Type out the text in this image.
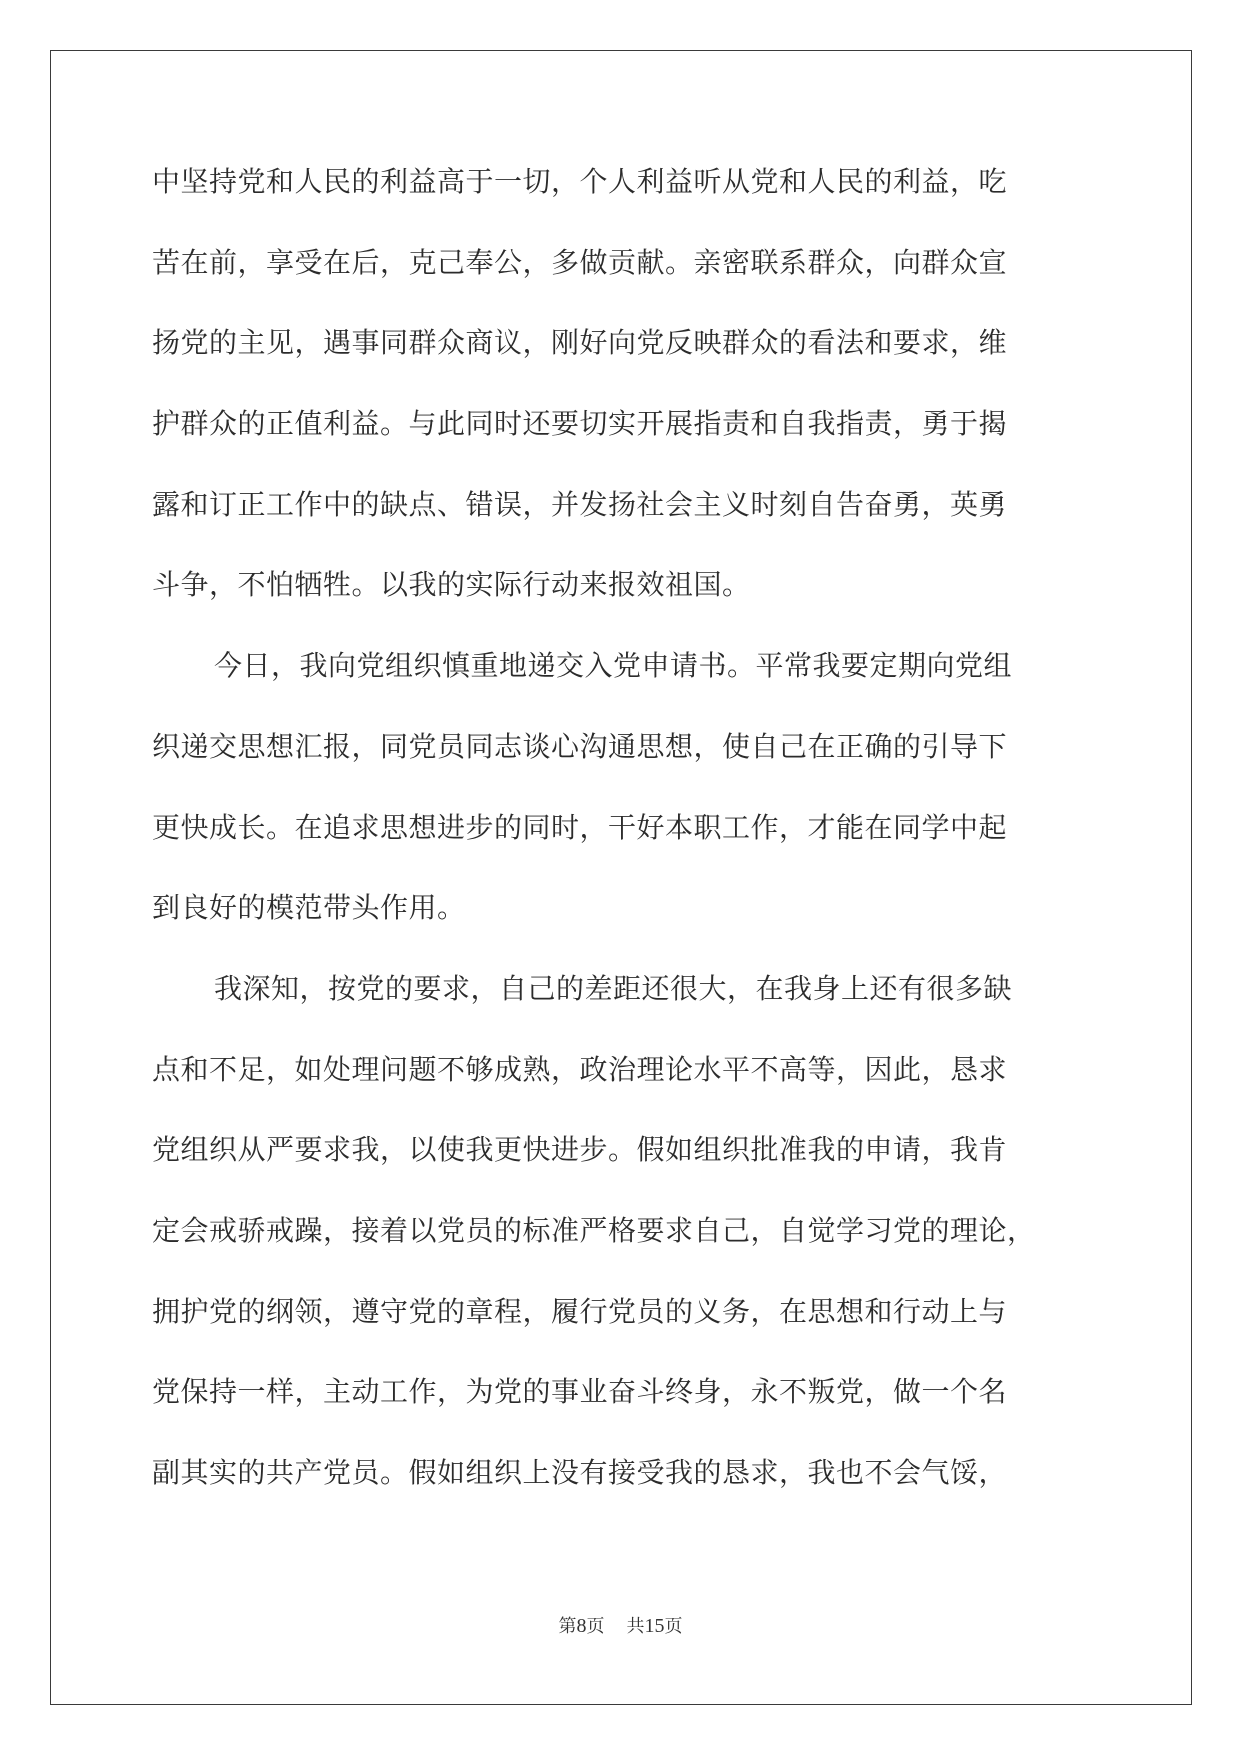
中坚持党和人民的利益高于一切，个人利益听从党和人民的利益，吃
苦在前，享受在后，克己奉公，多做贡献。亲密联系群众，向群众宣
扬党的主见，遇事同群众商议，刚好向党反映群众的看法和要求，维
护群众的正值利益。与此同时还要切实开展指责和自我指责，勇于揭
露和订正工作中的缺点、错误，并发扬社会主义时刻自告奋勇，英勇
斗争，不怕牺牲。以我的实际行动来报效祖国。
今日，我向党组织慎重地递交入党申请书。平常我要定期向党组
织递交思想汇报，同党员同志谈心沟通思想，使自己在正确的引导下
更快成长。在追求思想进步的同时，干好本职工作，才能在同学中起
到良好的模范带头作用。
我深知，按党的要求，自己的差距还很大，在我身上还有很多缺
点和不足，如处理问题不够成熟，政治理论水平不高等，因此，恳求
党组织从严要求我，以使我更快进步。假如组织批准我的申请，我肯
定会戒骄戒躁，接着以党员的标准严格要求自己，自觉学习党的理论，
拥护党的纲领，遵守党的章程，履行党员的义务，在思想和行动上与
党保持一样，主动工作，为党的事业奋斗终身，永不叛党，做一个名
副其实的共产党员。假如组织上没有接受我的恳求，我也不会气馁，
第8页 共15页
